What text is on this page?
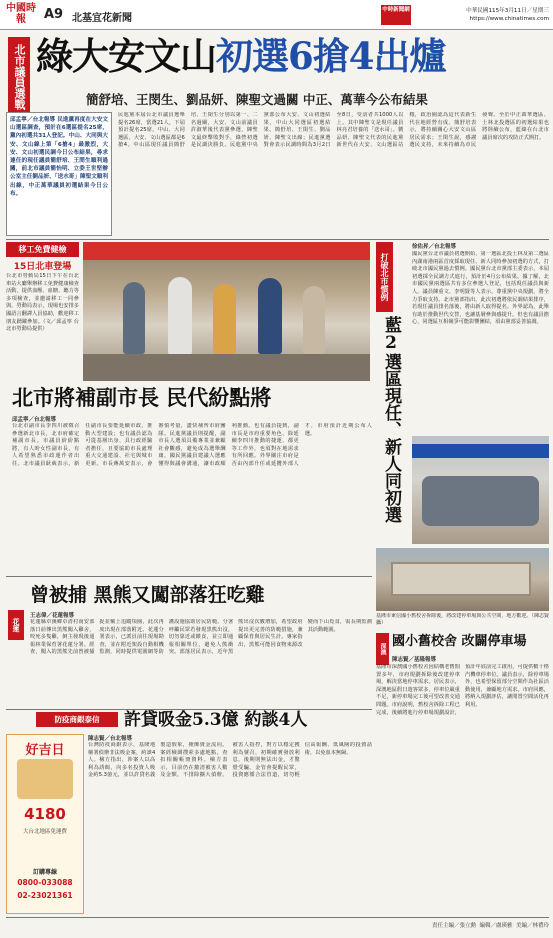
中國時報	A9 北基宜花新聞
中時新聞網	中華民國115年3月11日／星期三
https://www.chinatimes.com
北市議員選戰 綠大安文山初選6搶4出爐
簡舒培、王閔生、劉品妍、陳聖文過關 中正、萬華今公布結果
邱孟寧／台北報導 民進黨再度在大安文山選區調查，預計在6選區提名25席，黨內初選共31人登記。中山、大同與大安、文山線上第「6搶4」最激烈，大安、文山初選民調今日公布結果，尋求連任的現任議員簡舒培、王閔生順利過關，前北市議員簡怡明、立委王世堅辦公室主任劉品妍、「送水哥」陳聖文順利出線，中正萬華議員初選結果今日公布。
民進黨本屆台北市議員選舉提名26席，當選21人，下屆預計提名25席，中山、大同選區、大安、文山選區都是6搶4。中山區現任議員簡舒培、王閔生分別以第一、二名過關，大安、文山前議員許淑華後代表黨參選，陳聖文最終擊敗對手，綠營初選是民調決勝負。民進黨中央黨部公布大安、文山初選結果，中山大同選區初選結果，簡舒培、王閔生、劉品妍、陳聖文出線；民進黨選對會表示民調時間為3月2日至8日，受訪者共1000人以上。其中陳聖文是現任議員林亮君培養的「送水哥」。劉品妍、陳聖文代表的民進黨新世代在大安、文山選區站穩，政治圈認為這代表新生代在地經營有成。簡舒培表示，將持續關心大安文山區居民需求；王閔生說，感謝選民支持，未來持續為市民發聲。至於中正萬華選區、士林北投選區的初選結果也將陸續公布，藍綠在台北市議員席次的攻防正式開打。
移工免費健檢
15日北車登場
台北市勞動局15日下午在台北車站大廳舉辦移工免費健康檢查活動，提供血壓、血糖、聽力等多項檢查，並邀請移工一同參與。勞動局表示，現場也安排多國語言翻譯人員協助，歡迎移工朋友踴躍參加。（文／邱孟寧 台北市勞動局提供）
打破北市慣例
藍2選區現任、新人同初選
徐佑昇／台北報導
國民黨台北市議員初選開始，第一選區北投士林及第二選區內湖南港兩區首度採取現任、新人同時參加初選的方式，打破北市國民黨過去慣例。國民黨台北市黨部主委表示，本屆初選採全民調方式進行，預計於4月公布結果。據了解，北市國民黨兩選區共有多位參選人登記，包括現任議員與新人。議員陳重文、李明賢等人表示，尊重黨中央規劃，將全力爭取支持。北市黨部指出，此次初選將依民調結果排序，若現任議員排名落後，將由新人取得提名。外界認為，此舉有助於推動世代交替，也讓基層參與感提升。但也有議員擔心，同選區互相競爭可能影響團結，須由黨部妥善協調。
北市將補副市長 民代紛點將
邱孟寧／台北報導
台北市副市長李四川被徵召參選新北市長，北市府確定補副市長。市議員紛紛點將，有人盼女性副市長，有人希望熟悉市政運作者出任。北市議員耿葳表示，新任副市長要能延續市政、推動大型建設；也有議員認為可從基層出身、具行政經驗者擔任，且要協助市長處理重大交通建設、社宅與城市更新。市長蔣萬安表示，會審慎考量，盡快補齊市府團隊。民進黨議員則提醒，副市長人選須具備專業並兼顧社會觀感，避免成為選舉酬庸。國民黨議員建議人選應懂得與議會溝通，讓市政順利推動。也有議員提到，副市長是市府重要角色，除延續李四川推動的捷運、都更等工作外，也須對在地需求有所回應。外界關注市府是否由內部升任或延攬外部人才，市府預計近期公布人選。
曾被捕 黑熊又闖部落狂吃雞
花蓮
王志偉／花蓮報導
花蓮縣卓溪鄉卓清村南安部落日前傳出黑熊闖入雞舍，咬死多隻雞，飼主發現後通報林業保育署花蓮分署。經查，闖入的黑熊先前曾被捕捉並戴上追蹤項圈，此次再度出現在部落附近。花蓮分署表示，已派員前往現場勘查，並在附近架設自動相機監測，同時提供電圍網等防護設施協助居民防範。分署呼籲民眾若發現黑熊出沒，切勿靠近或餵食，並立即通報相關單位，避免人熊衝突。部落居民表示，近年黑熊出沒次數增加，希望政府提出更完善的防範措施，兼顧保育與居民生計。專家指出，黑熊可能因食物來源改變而下山覓食，需長期監測其活動範圍。
基隆市東信國小舊校舍拆除後，將改建停車場與公共空間，地方歡迎。（陳志賢攝）
深澳 國小舊校舍 改闢停車場
陳志賢／基隆報導
基隆市深澳國小舊校舍因結構老舊閒置多年，市府規劃拆除後改建停車場，解決當地停車需求。居民表示，深澳地區假日遊客眾多，停車位嚴重不足，新停車場完工後可望改善交通問題。市府說明，舊校舍拆除工程已完成，後續將進行停車場規劃設計，預計年底前完工啟用，可提供數十格汽機車停車位。議員表示，除停車場外，也希望保留部分空間作為社區活動使用，兼顧地方需求。市府回應，將納入規劃評估，讓閒置空間活化再利用。
防疫商銀泰信	許貸吸金5.3億 約談4人
陳志賢／台北報導
台灣防疫商銀表示，基隆地檢署偵辦非法吸金案，約談4人。檢方指出，涉案人以高利為誘餌，向多名投資人吸金約5.3億元，並以許貸名義製造假象，掩飾資金流向。案經檢調搜索多處地點，查扣相關帳冊資料。檢方表示，目前仍在釐清被害人數及金額，不排除擴大偵辦。被害人指控，對方以穩定獲利為號召，初期確實發放利息，後期則無法出金，才驚覺受騙。金管會提醒民眾，投資應循合法管道，切勿輕信高報酬、低風險的投資話術，以免血本無歸。
好吉日
4180
大台北地區免運費
訂購專線
0800-033088
02-23021361
責任主編／張立勳 編輯／盧瑛雅 美編／林禮玲
